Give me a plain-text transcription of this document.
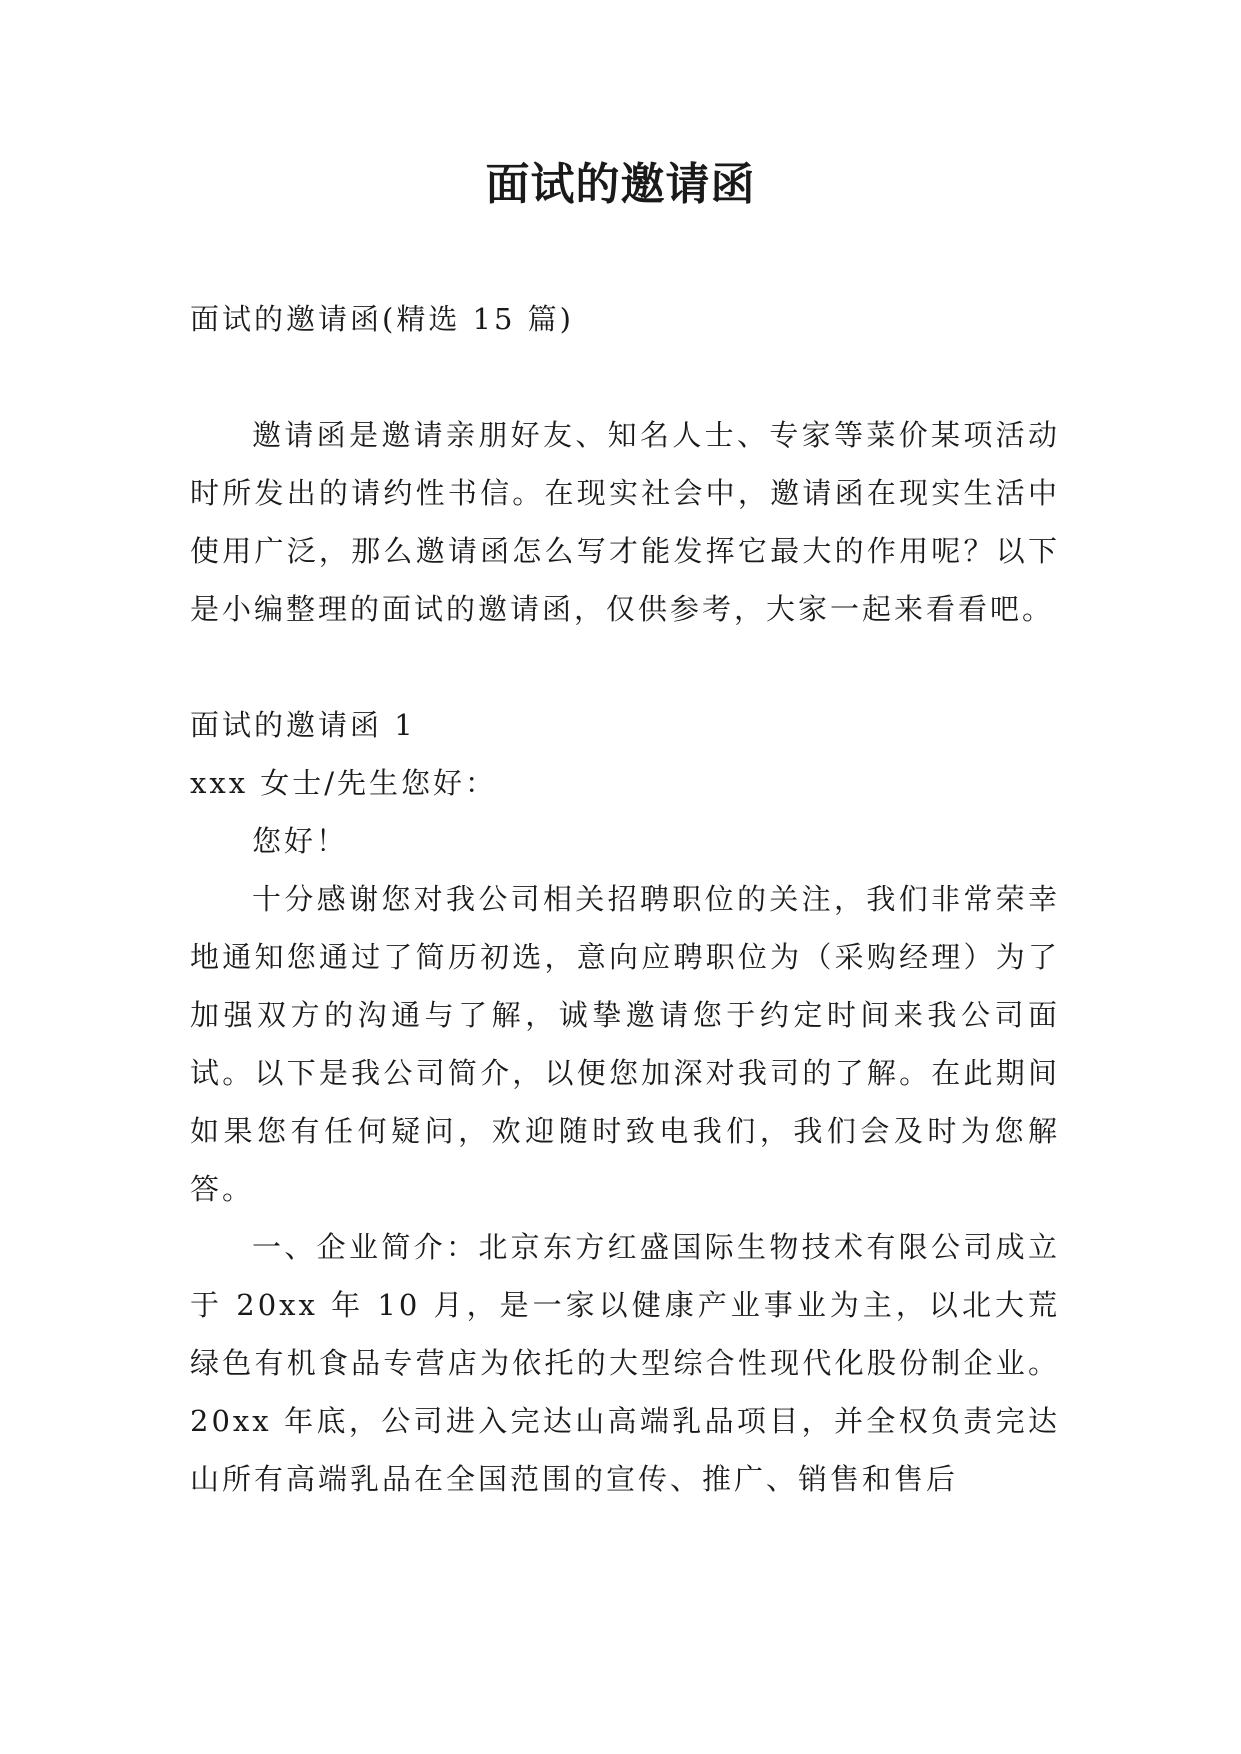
面试的邀请函

面试的邀请函(精选 15 篇)

邀请函是邀请亲朋好友、知名人士、专家等菜价某项活动时所发出的请约性书信。在现实社会中，邀请函在现实生活中使用广泛，那么邀请函怎么写才能发挥它最大的作用呢？以下是小编整理的面试的邀请函，仅供参考，大家一起来看看吧。

面试的邀请函 1

xxx 女士/先生您好：

您好！

十分感谢您对我公司相关招聘职位的关注，我们非常荣幸地通知您通过了简历初选，意向应聘职位为（采购经理）为了加强双方的沟通与了解，诚挚邀请您于约定时间来我公司面试。以下是我公司简介，以便您加深对我司的了解。在此期间如果您有任何疑问，欢迎随时致电我们，我们会及时为您解答。

一、企业简介：北京东方红盛国际生物技术有限公司成立于 20xx 年 10 月，是一家以健康产业事业为主，以北大荒绿色有机食品专营店为依托的大型综合性现代化股份制企业。20xx 年底，公司进入完达山高端乳品项目，并全权负责完达山所有高端乳品在全国范围的宣传、推广、销售和售后
